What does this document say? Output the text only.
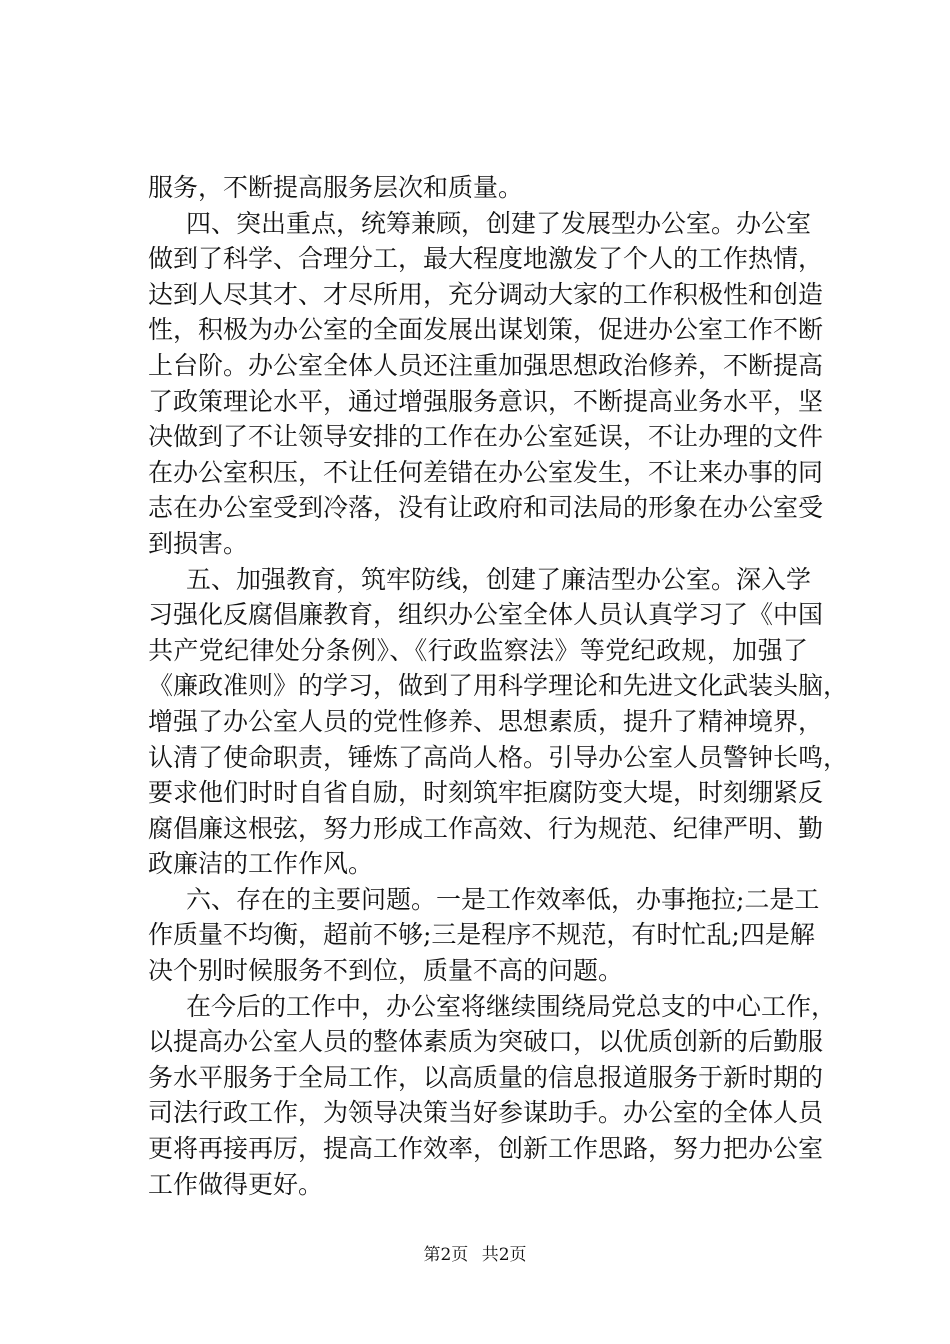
服务，不断提高服务层次和质量。
四、突出重点，统筹兼顾，创建了发展型办公室。办公室
做到了科学、合理分工，最大程度地激发了个人的工作热情，
达到人尽其才、才尽所用，充分调动大家的工作积极性和创造
性，积极为办公室的全面发展出谋划策，促进办公室工作不断
上台阶。办公室全体人员还注重加强思想政治修养，不断提高
了政策理论水平，通过增强服务意识，不断提高业务水平，坚
决做到了不让领导安排的工作在办公室延误，不让办理的文件
在办公室积压，不让任何差错在办公室发生，不让来办事的同
志在办公室受到冷落，没有让政府和司法局的形象在办公室受
到损害。
五、加强教育，筑牢防线，创建了廉洁型办公室。深入学
习强化反腐倡廉教育，组织办公室全体人员认真学习了《中国
共产党纪律处分条例》、《行政监察法》等党纪政规，加强了
《廉政准则》的学习，做到了用科学理论和先进文化武装头脑，
增强了办公室人员的党性修养、思想素质，提升了精神境界，
认清了使命职责，锤炼了高尚人格。引导办公室人员警钟长鸣，
要求他们时时自省自励，时刻筑牢拒腐防变大堤，时刻绷紧反
腐倡廉这根弦，努力形成工作高效、行为规范、纪律严明、勤
政廉洁的工作作风。
六、存在的主要问题。一是工作效率低，办事拖拉;二是工
作质量不均衡，超前不够;三是程序不规范，有时忙乱;四是解
决个别时候服务不到位，质量不高的问题。
在今后的工作中，办公室将继续围绕局党总支的中心工作，
以提高办公室人员的整体素质为突破口，以优质创新的后勤服
务水平服务于全局工作，以高质量的信息报道服务于新时期的
司法行政工作，为领导决策当好参谋助手。办公室的全体人员
更将再接再厉，提高工作效率，创新工作思路，努力把办公室
工作做得更好。
第2页 共2页
